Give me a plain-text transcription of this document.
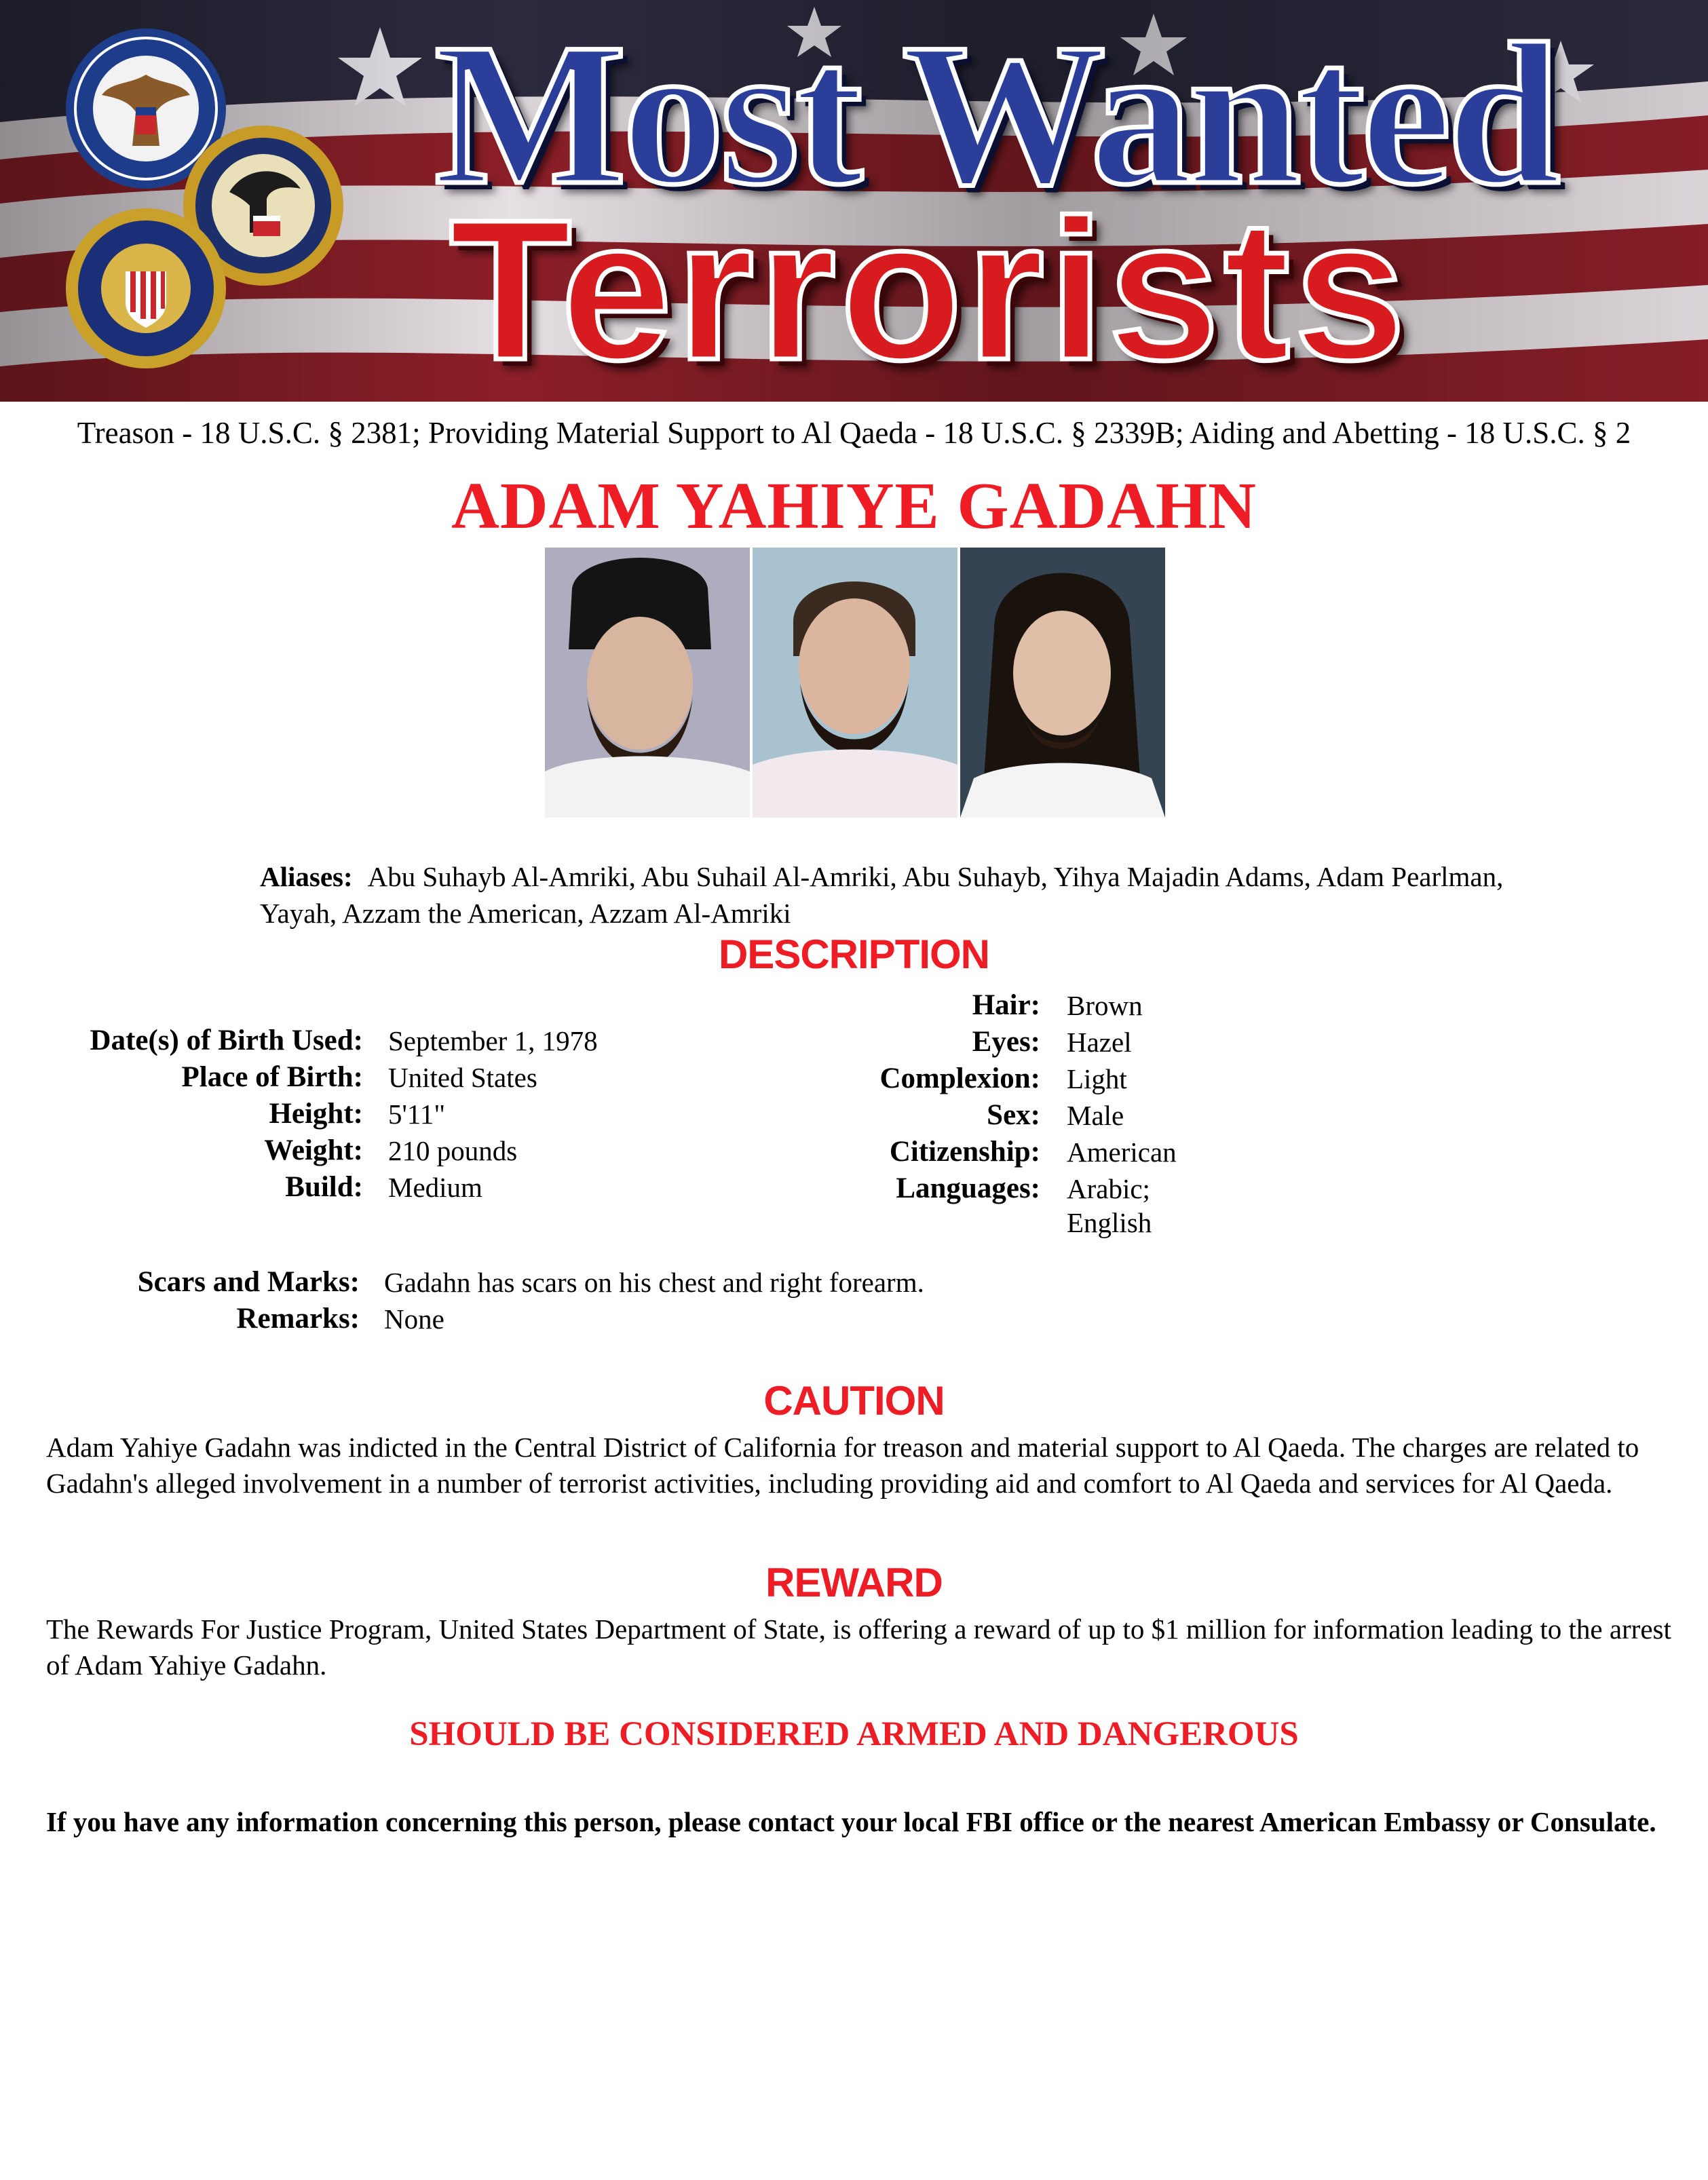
Most Wanted
Terrorists
Treason - 18 U.S.C. § 2381; Providing Material Support to Al Qaeda - 18 U.S.C. § 2339B; Aiding and Abetting - 18 U.S.C. § 2
ADAM YAHIYE GADAHN
Aliases: Abu Suhayb Al-Amriki, Abu Suhail Al-Amriki, Abu Suhayb, Yihya Majadin Adams, Adam Pearlman,
Yayah, Azzam the American, Azzam Al-Amriki
DESCRIPTION
Hair: Brown
Eyes: Hazel
Complexion: Light
Sex: Male
Citizenship: American
Languages: Arabic;
English
Date(s) of Birth Used: September 1, 1978
Place of Birth: United States
Height: 5'11"
Weight: 210 pounds
Build: Medium
Scars and Marks: Gadahn has scars on his chest and right forearm.
Remarks: None
CAUTION
Adam Yahiye Gadahn was indicted in the Central District of California for treason and material support to Al Qaeda. The charges are related to Gadahn's alleged involvement in a number of terrorist activities, including providing aid and comfort to Al Qaeda and services for Al Qaeda.
REWARD
The Rewards For Justice Program, United States Department of State, is offering a reward of up to $1 million for information leading to the arrest of Adam Yahiye Gadahn.
SHOULD BE CONSIDERED ARMED AND DANGEROUS
If you have any information concerning this person, please contact your local FBI office or the nearest American Embassy or Consulate.
